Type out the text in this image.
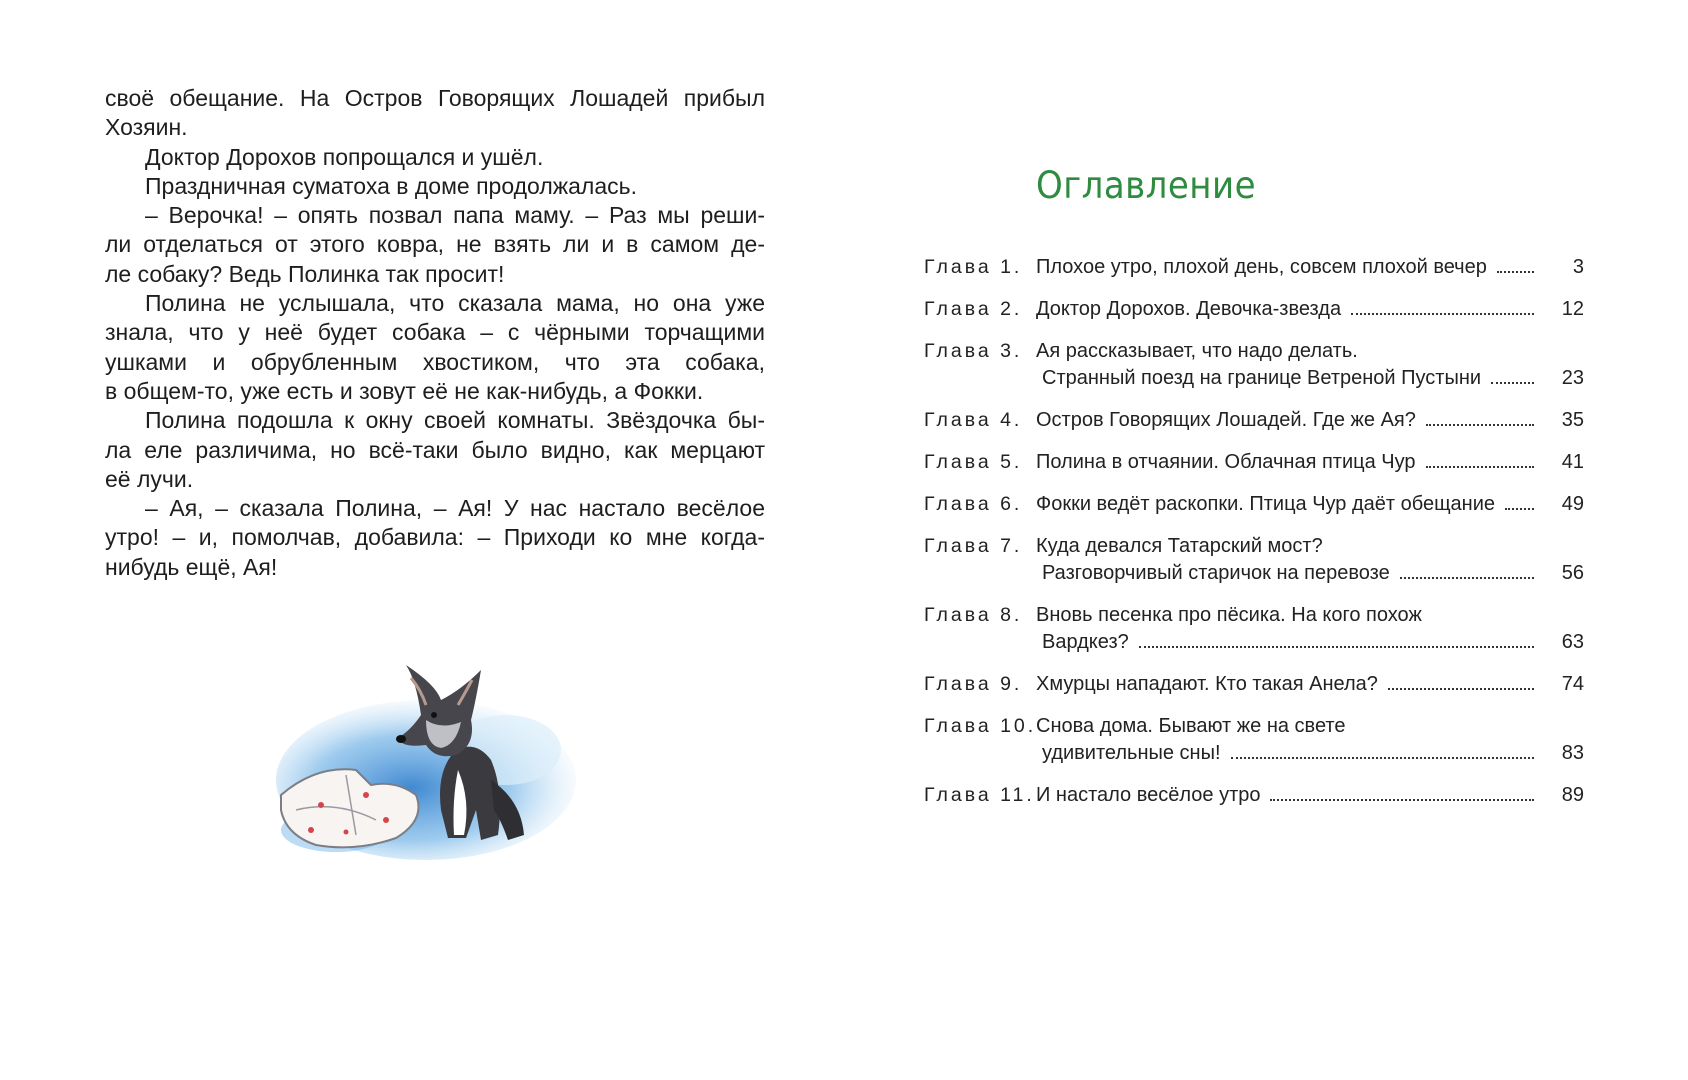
своё обещание. На Остров Говорящих Лошадей прибыл

Хозяин.

Доктор Дорохов попрощался и ушёл.

Праздничная суматоха в доме продолжалась.

– Верочка! – опять позвал папа маму. – Раз мы реши-

ли отделаться от этого ковра, не взять ли и в самом де-

ле собаку? Ведь Полинка так просит!

Полина не услышала, что сказала мама, но она уже

знала, что у неё будет собака – с чёрными торчащими

ушками и обрубленным хвостиком, что эта собака,

в общем-то, уже есть и зовут её не как-нибудь, а Фокки.

Полина подошла к окну своей комнаты. Звёздочка бы-

ла еле различима, но всё-таки было видно, как мерцают

её лучи.

– Ая, – сказала Полина, – Ая! У нас настало весёлое

утро! – и, помолчав, добавила: – Приходи ко мне когда-

нибудь ещё, Ая!

Оглавление
Глава 1. Плохое утро, плохой день, совсем плохой вечер	3
Глава 2. Доктор Дорохов. Девочка-звезда	12
Глава 3. Ая рассказывает, что надо делать.
Странный поезд на границе Ветреной Пустыни	23
Глава 4. Остров Говорящих Лошадей. Где же Ая?	35
Глава 5. Полина в отчаянии. Облачная птица Чур	41
Глава 6. Фокки ведёт раскопки. Птица Чур даёт обещание	49
Глава 7. Куда девался Татарский мост?
Разговорчивый старичок на перевозе	56
Глава 8. Вновь песенка про пёсика. На кого похож
Вардкез?	63
Глава 9. Хмурцы нападают. Кто такая Анела?	74
Глава 10. Снова дома. Бывают же на свете
удивительные сны!	83
Глава 11. И настало весёлое утро	89
